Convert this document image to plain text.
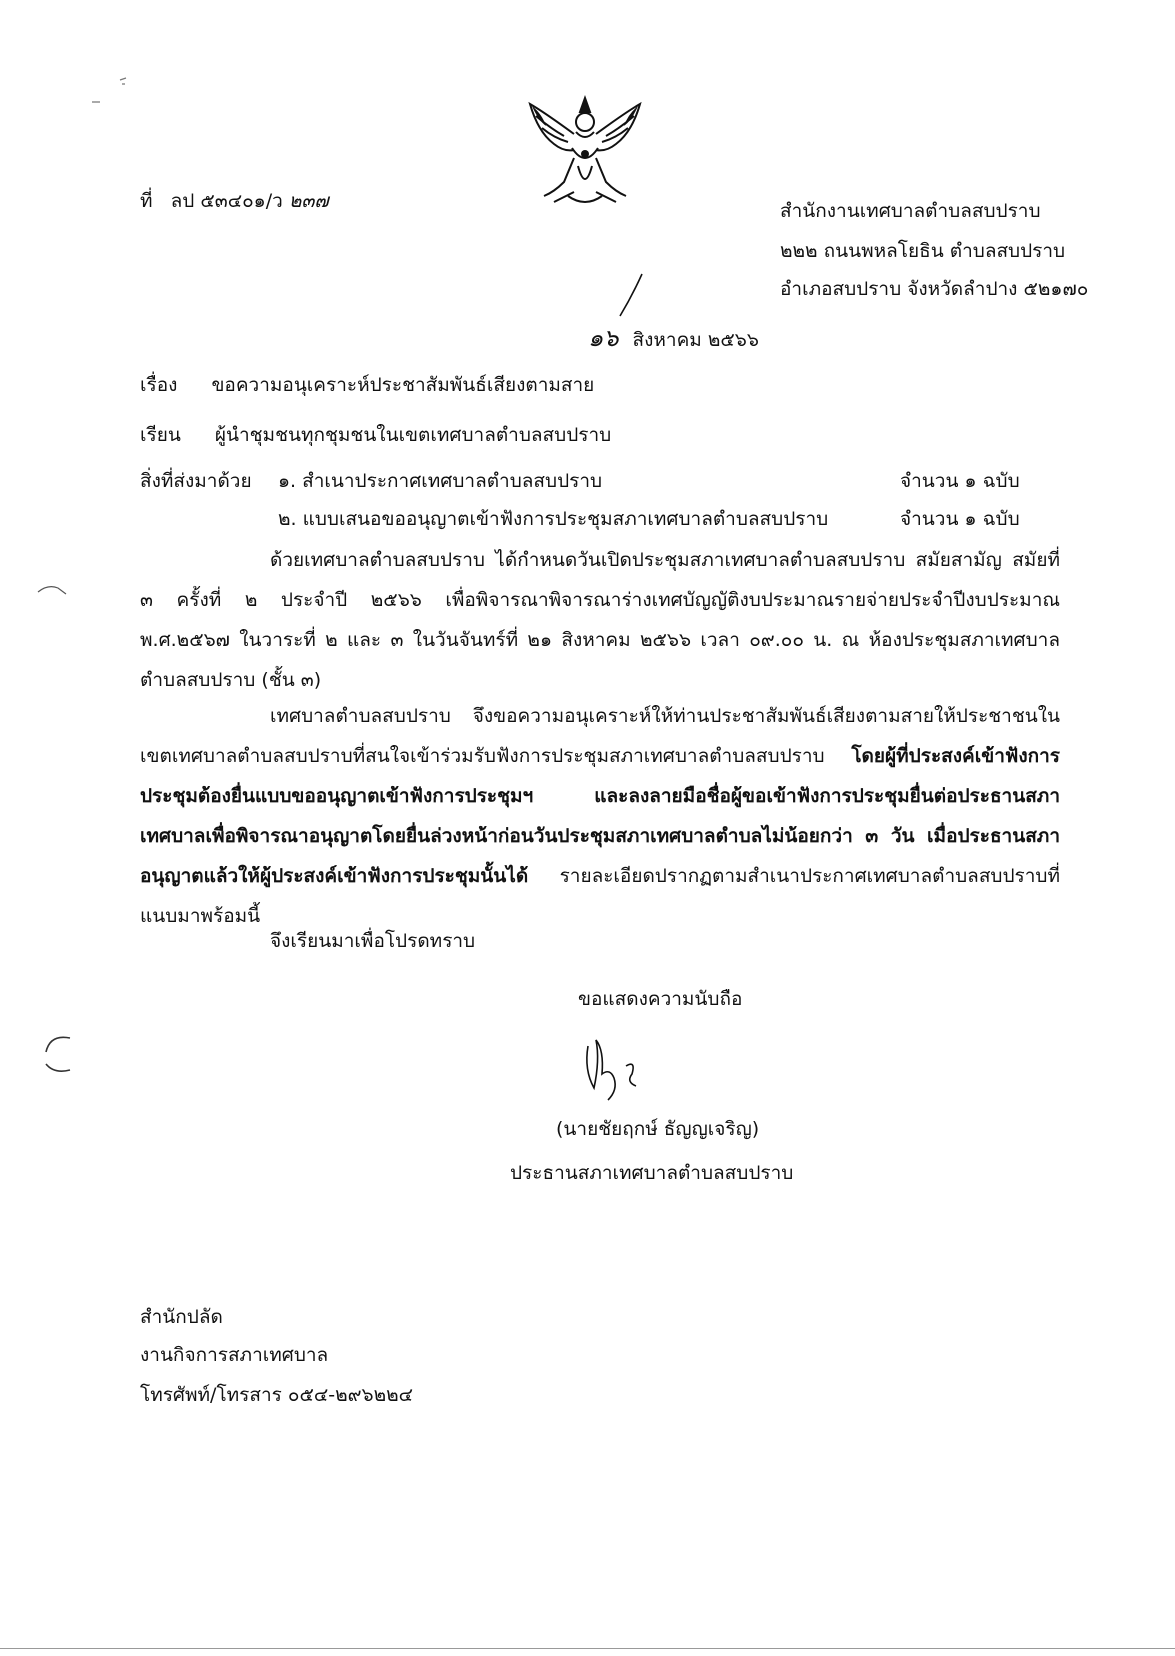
ที่ ลป ๕๓๔๐๑/ว ๒๓๗	สำนักงานเทศบาลตำบลสบปราบ
๒๒๒ ถนนพหลโยธิน ตำบลสบปราบ
อำเภอสบปราบ จังหวัดลำปาง ๕๒๑๗๐
๑๖ สิงหาคม ๒๕๖๖
เรื่อง ขอความอนุเคราะห์ประชาสัมพันธ์เสียงตามสาย
เรียน ผู้นำชุมชนทุกชุมชนในเขตเทศบาลตำบลสบปราบ
สิ่งที่ส่งมาด้วย ๑. สำเนาประกาศเทศบาลตำบลสบปราบ	จำนวน ๑ ฉบับ
๒. แบบเสนอขออนุญาตเข้าฟังการประชุมสภาเทศบาลตำบลสบปราบ	จำนวน ๑ ฉบับ
ด้วยเทศบาลตำบลสบปราบ ได้กำหนดวันเปิดประชุมสภาเทศบาลตำบลสบปราบ สมัยสามัญ สมัยที่ ๓ ครั้งที่ ๒ ประจำปี ๒๕๖๖ เพื่อพิจารณาพิจารณาร่างเทศบัญญัติงบประมาณรายจ่ายประจำปีงบประมาณ พ.ศ.๒๕๖๗ ในวาระที่ ๒ และ ๓ ในวันจันทร์ที่ ๒๑ สิงหาคม ๒๕๖๖ เวลา ๐๙.๐๐ น. ณ ห้องประชุมสภาเทศบาลตำบลสบปราบ (ชั้น ๓)
เทศบาลตำบลสบปราบ จึงขอความอนุเคราะห์ให้ท่านประชาสัมพันธ์เสียงตามสายให้ประชาชนในเขตเทศบาลตำบลสบปราบที่สนใจเข้าร่วมรับฟังการประชุมสภาเทศบาลตำบลสบปราบ โดยผู้ที่ประสงค์เข้าฟังการประชุมต้องยื่นแบบขออนุญาตเข้าฟังการประชุมฯ และลงลายมือชื่อผู้ขอเข้าฟังการประชุมยื่นต่อประธานสภาเทศบาลเพื่อพิจารณาอนุญาตโดยยื่นล่วงหน้าก่อนวันประชุมสภาเทศบาลตำบลไม่น้อยกว่า ๓ วัน เมื่อประธานสภาอนุญาตแล้วให้ผู้ประสงค์เข้าฟังการประชุมนั้นได้ รายละเอียดปรากฏตามสำเนาประกาศเทศบาลตำบลสบปราบที่แนบมาพร้อมนี้
จึงเรียนมาเพื่อโปรดทราบ
ขอแสดงความนับถือ
(นายชัยฤกษ์ ธัญญเจริญ)
ประธานสภาเทศบาลตำบลสบปราบ
สำนักปลัด
งานกิจการสภาเทศบาล
โทรศัพท์/โทรสาร ๐๕๔-๒๙๖๒๒๔
